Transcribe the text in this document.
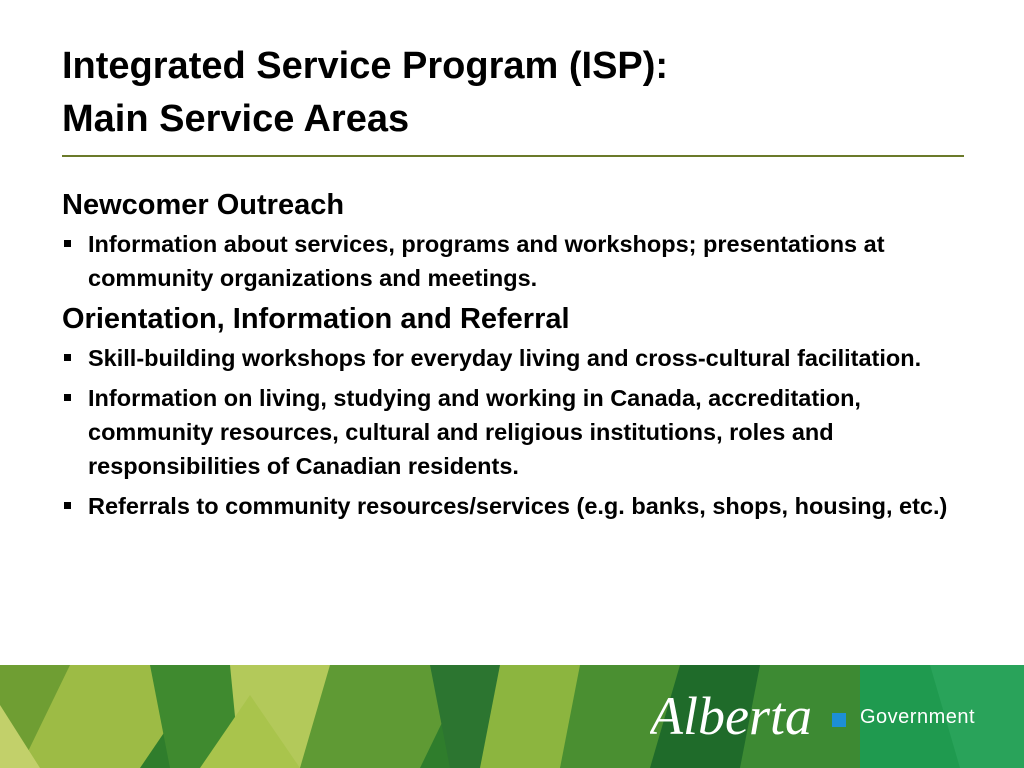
Integrated Service Program (ISP):
Main Service Areas
Newcomer Outreach
Information about services, programs and workshops; presentations at community organizations and meetings.
Orientation, Information and Referral
Skill-building workshops for everyday living and cross-cultural facilitation.
Information on living, studying and working in Canada, accreditation, community resources, cultural and religious institutions, roles and responsibilities of Canadian residents.
Referrals to community resources/services (e.g. banks, shops, housing, etc.)
Alberta Government
